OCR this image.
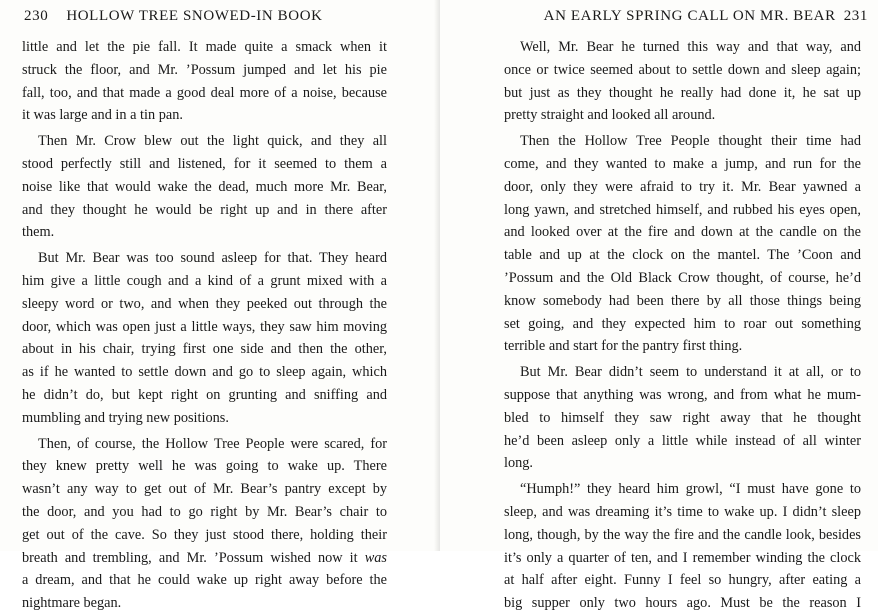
230 HOLLOW TREE SNOWED-IN BOOK
little and let the pie fall. It made quite a smack when it
struck the floor, and Mr. ’Possum jumped and let his pie
fall, too, and that made a good deal more of a noise, because
it was large and in a tin pan.
Then Mr. Crow blew out the light quick, and they all
stood perfectly still and listened, for it seemed to them a
noise like that would wake the dead, much more Mr. Bear,
and they thought he would be right up and in there after
them.
But Mr. Bear was too sound asleep for that. They heard
him give a little cough and a kind of a grunt mixed with a
sleepy word or two, and when they peeked out through the
door, which was open just a little ways, they saw him moving
about in his chair, trying first one side and then the other,
as if he wanted to settle down and go to sleep again, which
he didn’t do, but kept right on grunting and sniffing and
mumbling and trying new positions.
Then, of course, the Hollow Tree People were scared, for
they knew pretty well he was going to wake up. There
wasn’t any way to get out of Mr. Bear’s pantry except by
the door, and you had to go right by Mr. Bear’s chair to
get out of the cave. So they just stood there, holding their
breath and trembling, and Mr. ’Possum wished now it was
a dream, and that he could wake up right away before the
nightmare began.
AN EARLY SPRING CALL ON MR. BEAR 231
Well, Mr. Bear he turned this way and that way, and
once or twice seemed about to settle down and sleep again;
but just as they thought he really had done it, he sat up
pretty straight and looked all around.
Then the Hollow Tree People thought their time had
come, and they wanted to make a jump, and run for the
door, only they were afraid to try it. Mr. Bear yawned a
long yawn, and stretched himself, and rubbed his eyes open,
and looked over at the fire and down at the candle on the
table and up at the clock on the mantel. The ’Coon and
’Possum and the Old Black Crow thought, of course, he’d
know somebody had been there by all those things being
set going, and they expected him to roar out something
terrible and start for the pantry first thing.
But Mr. Bear didn’t seem to understand it at all, or to
suppose that anything was wrong, and from what he mum-
bled to himself they saw right away that he thought
he’d been asleep only a little while instead of all winter
long.
“Humph!” they heard him growl, “I must have gone to
sleep, and was dreaming it’s time to wake up. I didn’t sleep
long, though, by the way the fire and the candle look, besides
it’s only a quarter of ten, and I remember winding the clock
at half after eight. Funny I feel so hungry, after eating a
big supper only two hours ago. Must be the reason I
